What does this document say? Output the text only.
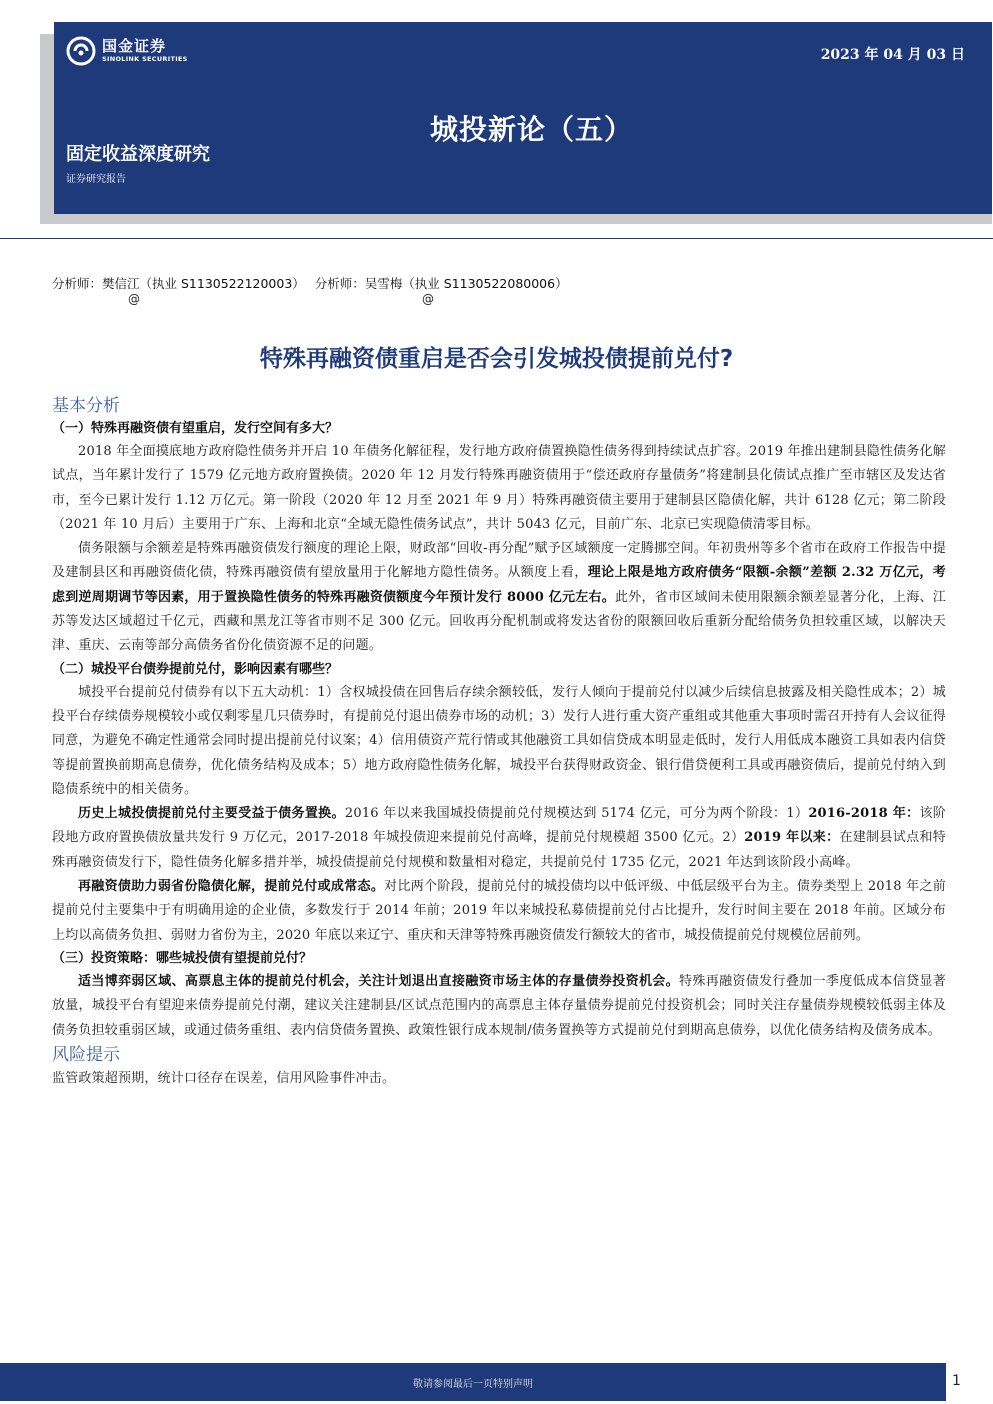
国金证券
SINOLINK SECURITIES	2023 年 04 月 03 日
城投新论（五）
固定收益深度研究
证券研究报告
分析师：樊信江（执业 S1130522120003） 分析师：吴雪梅（执业 S1130522080006）
@	@
特殊再融资债重启是否会引发城投债提前兑付?
基本分析
（一）特殊再融资债有望重启，发行空间有多大？

2018 年全面摸底地方政府隐性债务并开启 10 年债务化解征程，发行地方政府债置换隐性债务得到持续试点扩容。2019 年推出建制县隐性债务化解试点，当年累计发行了 1579 亿元地方政府置换债。2020 年 12 月发行特殊再融资债用于“偿还政府存量债务”将建制县化债试点推广至市辖区及发达省市，至今已累计发行 1.12 万亿元。第一阶段（2020 年 12 月至 2021 年 9 月）特殊再融资债主要用于建制县区隐债化解，共计 6128 亿元；第二阶段（2021 年 10 月后）主要用于广东、上海和北京“全域无隐性债务试点”，共计 5043 亿元，目前广东、北京已实现隐债清零目标。

债务限额与余额差是特殊再融资债发行额度的理论上限，财政部“回收-再分配”赋予区域额度一定腾挪空间。年初贵州等多个省市在政府工作报告中提及建制县区和再融资债化债，特殊再融资债有望放量用于化解地方隐性债务。从额度上看，理论上限是地方政府债务“限额-余额”差额 2.32 万亿元，考虑到逆周期调节等因素，用于置换隐性债务的特殊再融资债额度今年预计发行 8000 亿元左右。此外，省市区域间未使用限额余额差显著分化，上海、江苏等发达区域超过千亿元，西藏和黑龙江等省市则不足 300 亿元。回收再分配机制或将发达省份的限额回收后重新分配给债务负担较重区域，以解决天津、重庆、云南等部分高债务省份化债资源不足的问题。

（二）城投平台债券提前兑付，影响因素有哪些？

城投平台提前兑付债券有以下五大动机：1）含权城投债在回售后存续余额较低，发行人倾向于提前兑付以减少后续信息披露及相关隐性成本；2）城投平台存续债券规模较小或仅剩零星几只债券时，有提前兑付退出债券市场的动机；3）发行人进行重大资产重组或其他重大事项时需召开持有人会议征得同意，为避免不确定性通常会同时提出提前兑付议案；4）信用债资产荒行情或其他融资工具如信贷成本明显走低时，发行人用低成本融资工具如表内信贷等提前置换前期高息债券，优化债务结构及成本；5）地方政府隐性债务化解，城投平台获得财政资金、银行借贷便利工具或再融资债后，提前兑付纳入到隐债系统中的相关债务。

历史上城投债提前兑付主要受益于债务置换。2016 年以来我国城投债提前兑付规模达到 5174 亿元，可分为两个阶段：1）2016-2018 年：该阶段地方政府置换债放量共发行 9 万亿元，2017-2018 年城投债迎来提前兑付高峰，提前兑付规模超 3500 亿元。2）2019 年以来：在建制县试点和特殊再融资债发行下，隐性债务化解多措并举，城投债提前兑付规模和数量相对稳定，共提前兑付 1735 亿元，2021 年达到该阶段小高峰。

再融资债助力弱省份隐债化解，提前兑付或成常态。对比两个阶段，提前兑付的城投债均以中低评级、中低层级平台为主。债券类型上 2018 年之前提前兑付主要集中于有明确用途的企业债，多数发行于 2014 年前；2019 年以来城投私募债提前兑付占比提升，发行时间主要在 2018 年前。区域分布上均以高债务负担、弱财力省份为主，2020 年底以来辽宁、重庆和天津等特殊再融资债发行额较大的省市，城投债提前兑付规模位居前列。

（三）投资策略：哪些城投债有望提前兑付？

适当博弈弱区域、高票息主体的提前兑付机会，关注计划退出直接融资市场主体的存量债券投资机会。特殊再融资债发行叠加一季度低成本信贷显著放量，城投平台有望迎来债券提前兑付潮，建议关注建制县/区试点范围内的高票息主体存量债券提前兑付投资机会；同时关注存量债券规模较低弱主体及债务负担较重弱区域，或通过债务重组、表内信贷债务置换、政策性银行成本规制/债务置换等方式提前兑付到期高息债券，以优化债务结构及债务成本。

风险提示

监管政策超预期，统计口径存在误差，信用风险事件冲击。

敬请参阅最后一页特别声明	1
